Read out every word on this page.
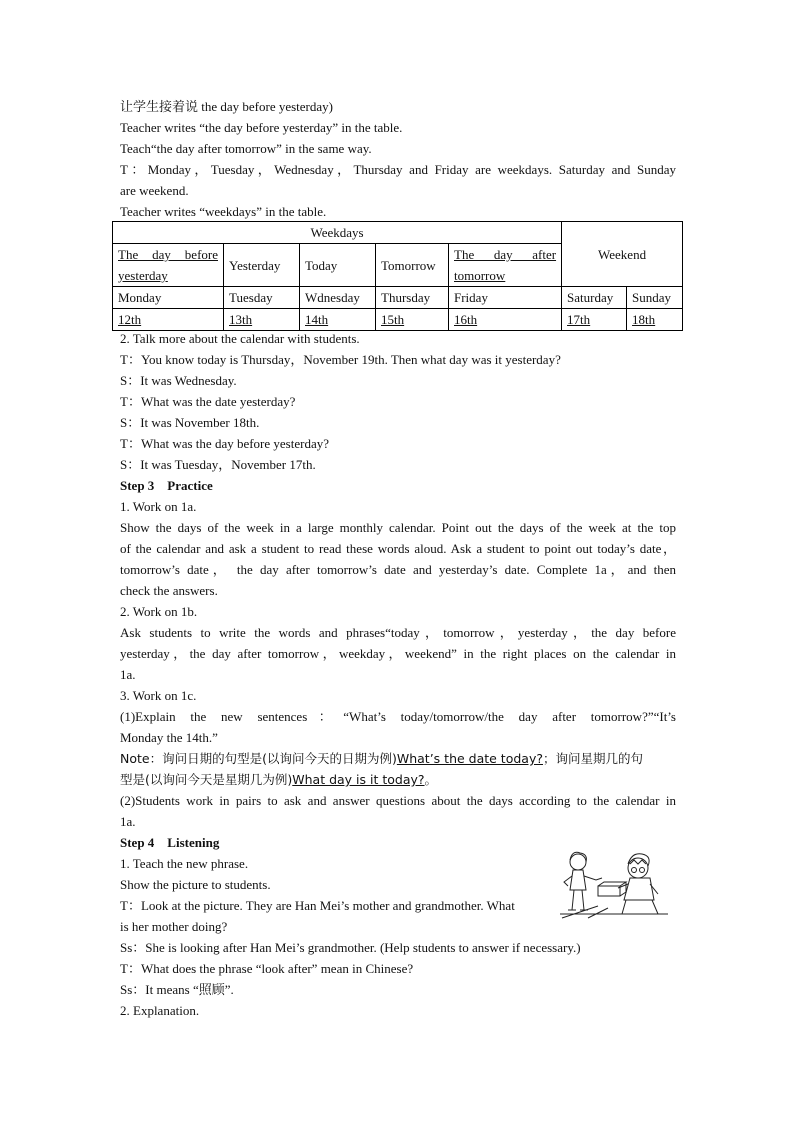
让学生接着说 the day before yesterday)
Teacher writes “the day before yesterday” in the table.
Teach“the day after tomorrow” in the same way.
T：Monday，Tuesday，Wednesday，Thursday and Friday are weekdays. Saturday and Sunday
are weekend.
Teacher writes “weekdays” in the table.
Weekdays					Weekend	

The day before yesterday	Yesterday	Today	Tomorrow	The day after tomorrow		

Monday	Tuesday	Wdnesday	Thursday	Friday	Saturday	Sunday
12th	13th	14th	15th	16th	17th	18th
2. Talk more about the calendar with students.
T：You know today is Thursday，November 19th. Then what day was it yesterday?
S：It was Wednesday.
T：What was the date yesterday?
S：It was November 18th.
T：What was the day before yesterday?
S：It was Tuesday，November 17th.
Step 3　Practice
1. Work on 1a.
Show the days of the week in a large monthly calendar. Point out the days of the week at the top
of the calendar and ask a student to read these words aloud. Ask a student to point out today’s date，
tomorrow’s date， the day after tomorrow’s date and yesterday’s date. Complete 1a，and then
check the answers.
2. Work on 1b.
Ask students to write the words and phrases“today，tomorrow，yesterday，the day before
yesterday，the day after tomorrow，weekday，weekend” in the right places on the calendar in
1a.
3. Work on 1c.
(1)Explain the new sentences：“What’s today/tomorrow/the day after tomorrow?”“It’s
Monday the 14th.”
Note：询问日期的句型是(以询问今天的日期为例)What’s the date today?；询问星期几的句
型是(以询问今天是星期几为例)What day is it today?。
(2)Students work in pairs to ask and answer questions about the days according to the calendar in
1a.
Step 4　Listening
1. Teach the new phrase.
Show the picture to students.
T：Look at the picture. They are Han Mei’s mother and grandmother. What
is her mother doing?
Ss：She is looking after Han Mei’s grandmother. (Help students to answer if necessary.)
T：What does the phrase “look after” mean in Chinese?
Ss：It means “照顾”.
2. Explanation.
